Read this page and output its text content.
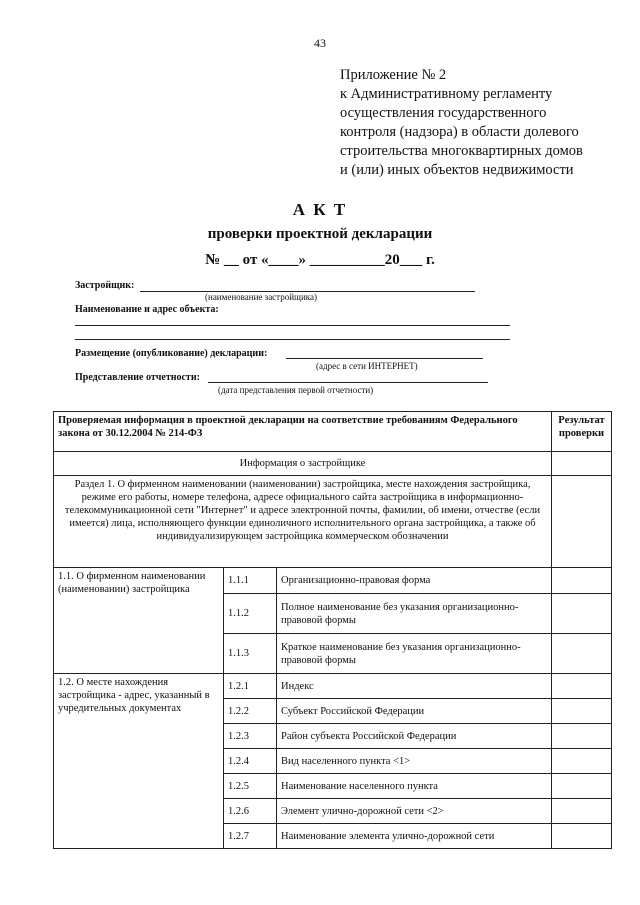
43
Приложение № 2
к Административному регламенту
осуществления государственного
контроля (надзора) в области долевого
строительства многоквартирных домов
и (или) иных объектов недвижимости
А К Т
проверки проектной декларации
№ __ от «____» __________20___ г.
Застройщик:
(наименование застройщика)
Наименование и адрес объекта:
Размещение (опубликование) декларации:
(адрес в сети ИНТЕРНЕТ)
Представление отчетности:
(дата представления первой отчетности)
Проверяемая информация в проектной декларации на соответствие требованиям Федерального закона от 30.12.2004 № 214-ФЗ			Результат проверки
Информация о застройщике			
Раздел 1. О фирменном наименовании (наименовании) застройщика, месте нахождения застройщика, режиме его работы, номере телефона, адресе официального сайта застройщика в информационно-телекоммуникационной сети "Интернет" и адресе электронной почты, фамилии, об имени, отчестве (если имеется) лица, исполняющего функции единоличного исполнительного органа застройщика, а также об индивидуализирующем застройщика коммерческом обозначении			
1.1. О фирменном наименовании (наименовании) застройщика	1.1.1	Организационно-правовая форма	
	1.1.2	Полное наименование без указания организационно-правовой формы	
	1.1.3	Краткое наименование без указания организационно-правовой формы	
1.2. О месте нахождения застройщика - адрес, указанный в учредительных документах	1.2.1	Индекс	
	1.2.2	Субъект Российской Федерации	
	1.2.3	Район субъекта Российской Федерации	
	1.2.4	Вид населенного пункта <1>	
	1.2.5	Наименование населенного пункта	
	1.2.6	Элемент улично-дорожной сети <2>	
	1.2.7	Наименование элемента улично-дорожной сети	
